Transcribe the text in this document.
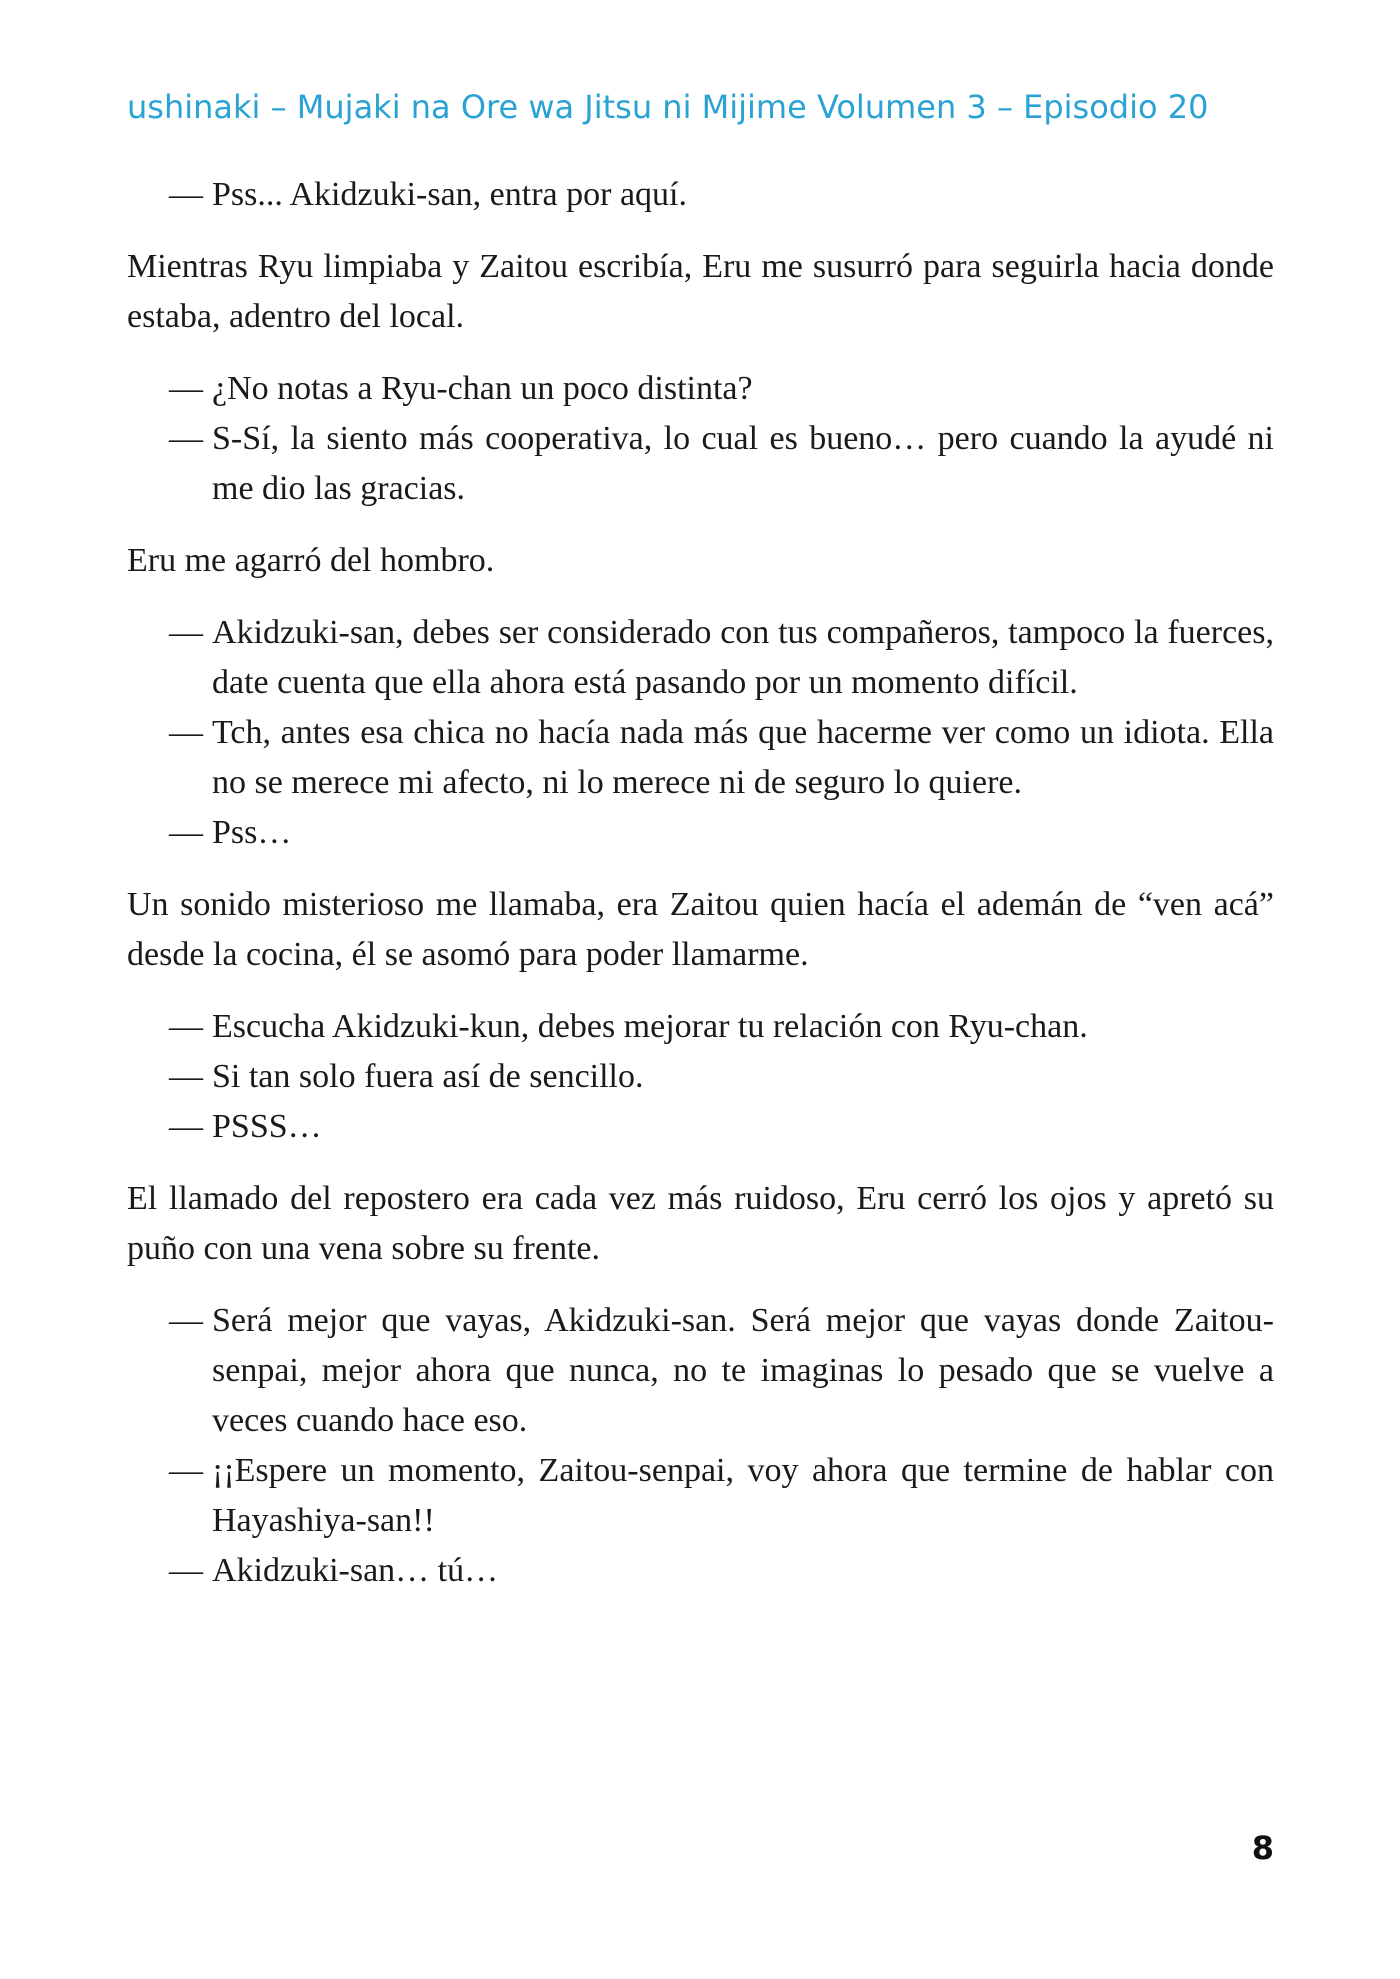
ushinaki – Mujaki na Ore wa Jitsu ni Mijime Volumen 3 – Episodio 20

— Pss... Akidzuki-san, entra por aquí.

Mientras Ryu limpiaba y Zaitou escribía, Eru me susurró para seguirla hacia donde estaba, adentro del local.

— ¿No notas a Ryu-chan un poco distinta?

— S-Sí, la siento más cooperativa, lo cual es bueno… pero cuando la ayudé ni me dio las gracias.

Eru me agarró del hombro.

— Akidzuki-san, debes ser considerado con tus compañeros, tampoco la fuerces, date cuenta que ella ahora está pasando por un momento difícil.

— Tch, antes esa chica no hacía nada más que hacerme ver como un idiota. Ella no se merece mi afecto, ni lo merece ni de seguro lo quiere.

— Pss…

Un sonido misterioso me llamaba, era Zaitou quien hacía el ademán de “ven acá” desde la cocina, él se asomó para poder llamarme.

— Escucha Akidzuki-kun, debes mejorar tu relación con Ryu-chan.

— Si tan solo fuera así de sencillo.

— PSSS…

El llamado del repostero era cada vez más ruidoso, Eru cerró los ojos y apretó su puño con una vena sobre su frente.

— Será mejor que vayas, Akidzuki-san. Será mejor que vayas donde Zaitou-senpai, mejor ahora que nunca, no te imaginas lo pesado que se vuelve a veces cuando hace eso.

— ¡¡Espere un momento, Zaitou-senpai, voy ahora que termine de hablar con Hayashiya-san!!

— Akidzuki-san… tú…

8
